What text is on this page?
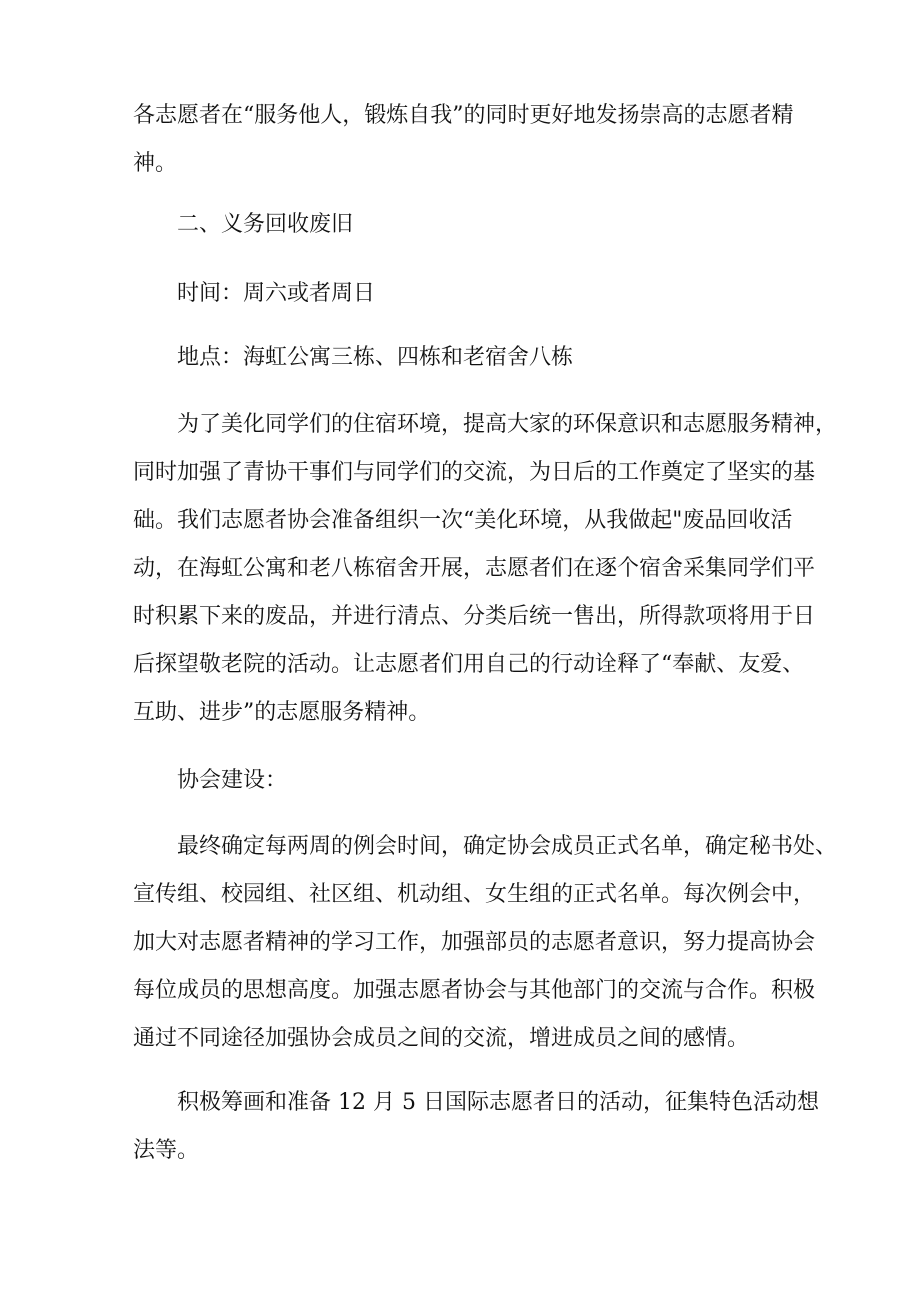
各志愿者在“服务他人，锻炼自我”的同时更好地发扬崇高的志愿者精
神。
二、义务回收废旧
时间：周六或者周日
地点：海虹公寓三栋、四栋和老宿舍八栋
为了美化同学们的住宿环境，提高大家的环保意识和志愿服务精神，
同时加强了青协干事们与同学们的交流，为日后的工作奠定了坚实的基
础。我们志愿者协会准备组织一次“美化环境，从我做起"废品回收活
动，在海虹公寓和老八栋宿舍开展，志愿者们在逐个宿舍采集同学们平
时积累下来的废品，并进行清点、分类后统一售出，所得款项将用于日
后探望敬老院的活动。让志愿者们用自己的行动诠释了“奉献、友爱、
互助、进步”的志愿服务精神。
协会建设：
最终确定每两周的例会时间，确定协会成员正式名单，确定秘书处、
宣传组、校园组、社区组、机动组、女生组的正式名单。每次例会中，
加大对志愿者精神的学习工作，加强部员的志愿者意识，努力提高协会
每位成员的思想高度。加强志愿者协会与其他部门的交流与合作。积极
通过不同途径加强协会成员之间的交流，增进成员之间的感情。
积极筹画和准备 12 月 5 日国际志愿者日的活动，征集特色活动想
法等。
